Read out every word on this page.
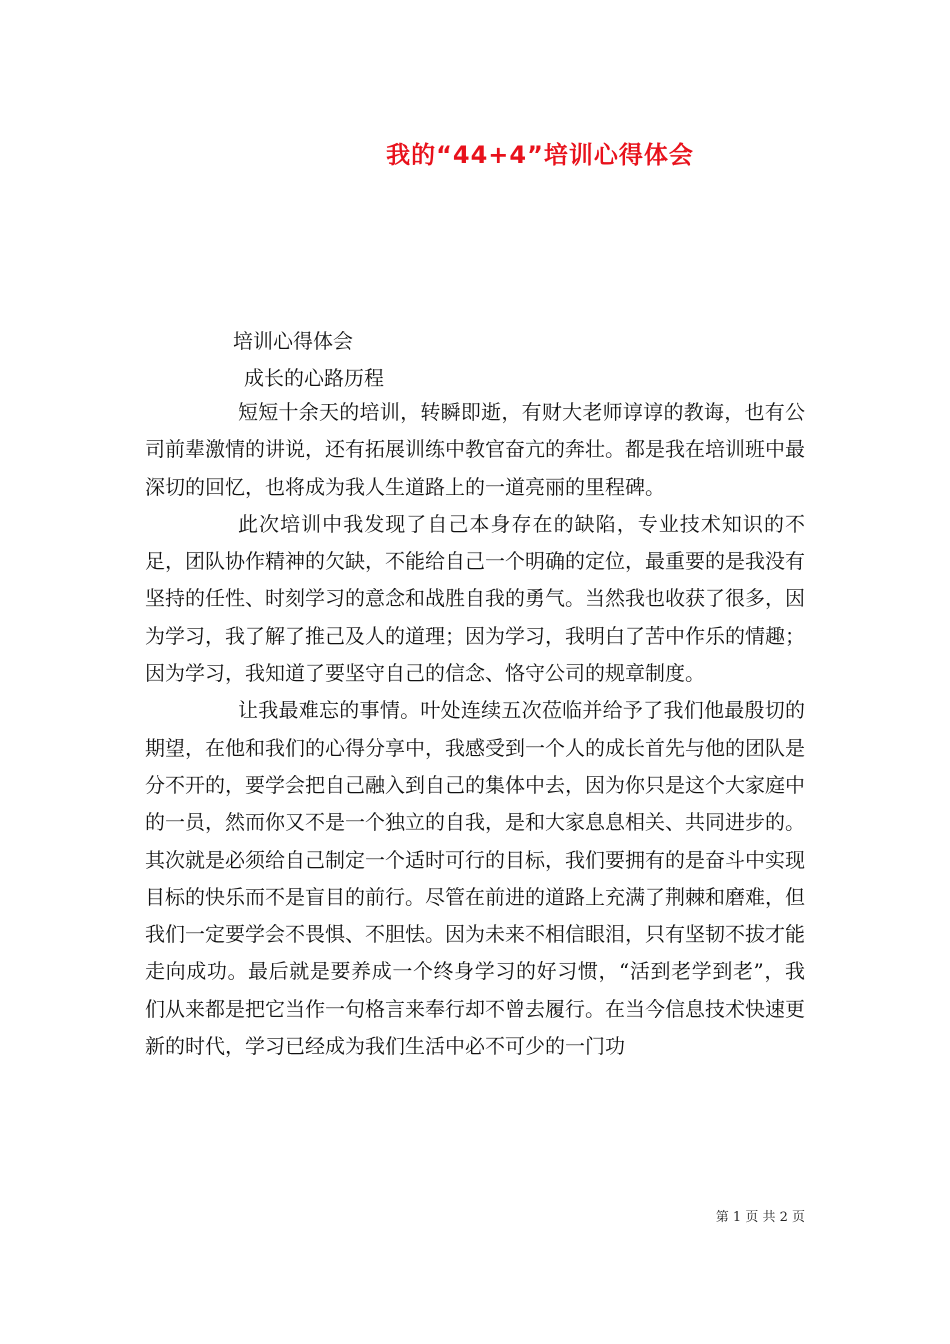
我的“44+4”培训心得体会
培训心得体会
成长的心路历程

短短十余天的培训，转瞬即逝，有财大老师谆谆的教诲，也有公司前辈激情的讲说，还有拓展训练中教官奋亢的奔壮。都是我在培训班中最深切的回忆，也将成为我人生道路上的一道亮丽的里程碑。

此次培训中我发现了自己本身存在的缺陷，专业技术知识的不足，团队协作精神的欠缺，不能给自己一个明确的定位，最重要的是我没有坚持的任性、时刻学习的意念和战胜自我的勇气。当然我也收获了很多，因为学习，我了解了推己及人的道理；因为学习，我明白了苦中作乐的情趣；因为学习，我知道了要坚守自己的信念、恪守公司的规章制度。

让我最难忘的事情。叶处连续五次莅临并给予了我们他最殷切的期望，在他和我们的心得分享中，我感受到一个人的成长首先与他的团队是分不开的，要学会把自己融入到自己的集体中去，因为你只是这个大家庭中的一员，然而你又不是一个独立的自我，是和大家息息相关、共同进步的。其次就是必须给自己制定一个适时可行的目标，我们要拥有的是奋斗中实现目标的快乐而不是盲目的前行。尽管在前进的道路上充满了荆棘和磨难，但我们一定要学会不畏惧、不胆怯。因为未来不相信眼泪，只有坚韧不拔才能走向成功。最后就是要养成一个终身学习的好习惯，“活到老学到老”，我们从来都是把它当作一句格言来奉行却不曾去履行。在当今信息技术快速更新的时代，学习已经成为我们生活中必不可少的一门功

第 1 页 共 2 页
